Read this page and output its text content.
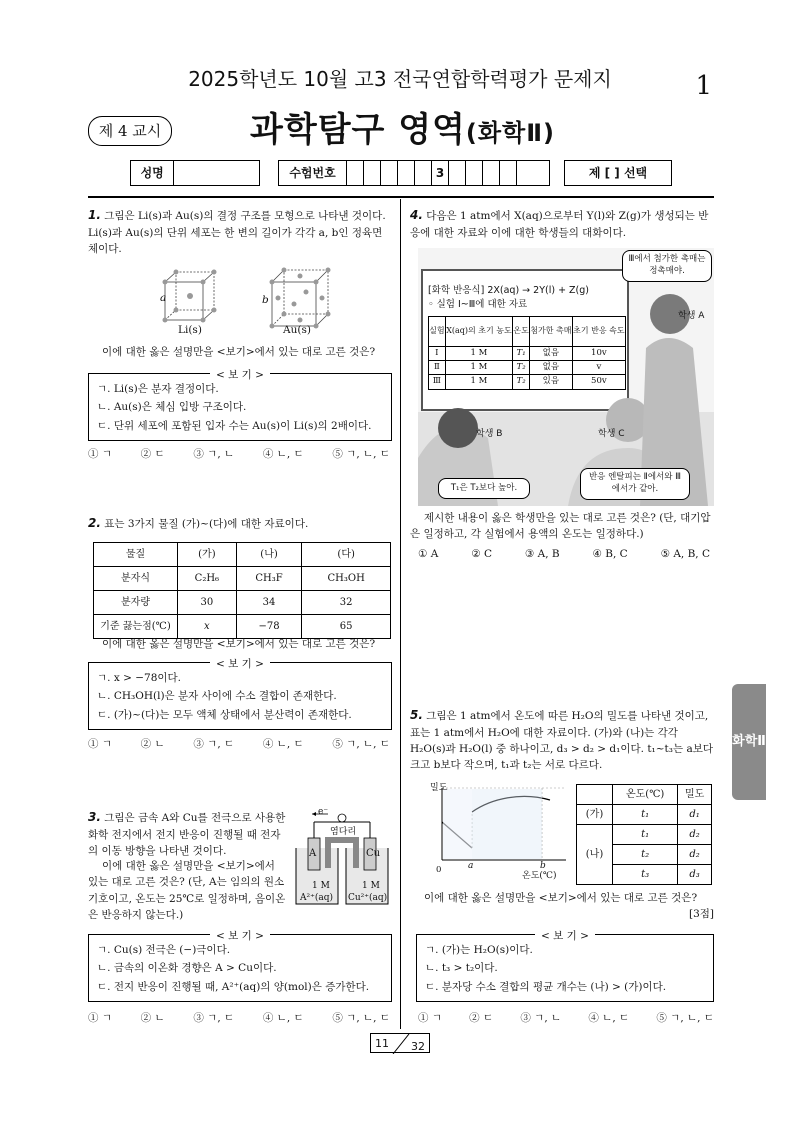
2025학년도 10월 고3 전국연합학력평가 문제지	1
제 4 교시	과학탐구 영역(화학Ⅱ)
성명	수험번호	3	제 [ ] 선택
1. 그림은 Li(s)과 Au(s)의 결정 구조를 모형으로 나타낸 것이다. Li(s)과 Au(s)의 단위 세포는 한 변의 길이가 각각 a, b인 정육면체이다.
a	b
Li(s)	Au(s)
이에 대한 옳은 설명만을 <보기>에서 있는 대로 고른 것은?
< 보 기 >
ㄱ. Li(s)은 분자 결정이다.
ㄴ. Au(s)은 체심 입방 구조이다.
ㄷ. 단위 세포에 포함된 입자 수는 Au(s)이 Li(s)의 2배이다.
① ㄱ	② ㄷ	③ ㄱ, ㄴ	④ ㄴ, ㄷ	⑤ ㄱ, ㄴ, ㄷ
2. 표는 3가지 물질 (가)~(다)에 대한 자료이다.
물질	(가)	(나)	(다)
분자식	C₂H₆	CH₃F	CH₃OH
분자량	30	34	32
기준 끓는점(℃)	x	−78	65
이에 대한 옳은 설명만을 <보기>에서 있는 대로 고른 것은?
< 보 기 >
ㄱ. x > −78이다.
ㄴ. CH₃OH(l)은 분자 사이에 수소 결합이 존재한다.
ㄷ. (가)~(다)는 모두 액체 상태에서 분산력이 존재한다.
① ㄱ	② ㄴ	③ ㄱ, ㄷ	④ ㄴ, ㄷ	⑤ ㄱ, ㄴ, ㄷ
3. 그림은 금속 A와 Cu를 전극으로 사용한 화학 전지에서 전지 반응이 진행될 때 전자의 이동 방향을 나타낸 것이다.
이에 대한 옳은 설명만을 <보기>에서 있는 대로 고른 것은? (단, A는 임의의 원소 기호이고, 온도는 25℃로 일정하며, 음이온은 반응하지 않는다.)
e⁻
염다리
A	Cu
1 M
A²⁺(aq)
1 M
Cu²⁺(aq)
< 보 기 >
ㄱ. Cu(s) 전극은 (−)극이다.
ㄴ. 금속의 이온화 경향은 A > Cu이다.
ㄷ. 전지 반응이 진행될 때, A²⁺(aq)의 양(mol)은 증가한다.
① ㄱ	② ㄴ	③ ㄱ, ㄷ	④ ㄴ, ㄷ	⑤ ㄱ, ㄴ, ㄷ
4. 다음은 1 atm에서 X(aq)으로부터 Y(l)와 Z(g)가 생성되는 반응에 대한 자료와 이에 대한 학생들의 대화이다.
[화학 반응식] 2X(aq) → 2Y(l) + Z(g)
◦ 실험 Ⅰ~Ⅲ에 대한 자료
실험	X(aq)의 초기 농도	온도	첨가한 촉매	초기 반응 속도
Ⅰ	1 M	T₁	없음	10v
Ⅱ	1 M	T₂	없음	v
Ⅲ	1 M	T₂	있음	50v
Ⅲ에서 첨가한 촉매는 정촉매야.
학생 A
학생 B	학생 C
T₁은 T₂보다 높아.
반응 엔탈피는 Ⅱ에서와 Ⅲ에서가 같아.
제시한 내용이 옳은 학생만을 있는 대로 고른 것은? (단, 대기압은 일정하고, 각 실험에서 용액의 온도는 일정하다.)
① A	② C	③ A, B	④ B, C	⑤ A, B, C
5. 그림은 1 atm에서 온도에 따른 H₂O의 밀도를 나타낸 것이고, 표는 1 atm에서 H₂O에 대한 자료이다. (가)와 (나)는 각각 H₂O(s)과 H₂O(l) 중 하나이고, d₃ > d₂ > d₁이다. t₁~t₃는 a보다 크고 b보다 작으며, t₁과 t₂는 서로 다르다.
밀도
0	a	b
온도(℃)
	온도(℃)	밀도
(가)	t₁	d₁
(나)	t₁	d₂
	t₂	d₂
	t₃	d₃
이에 대한 옳은 설명만을 <보기>에서 있는 대로 고른 것은?
[3점]
< 보 기 >
ㄱ. (가)는 H₂O(s)이다.
ㄴ. t₃ > t₂이다.
ㄷ. 분자당 수소 결합의 평균 개수는 (나) > (가)이다.
① ㄱ	② ㄷ	③ ㄱ, ㄴ	④ ㄴ, ㄷ	⑤ ㄱ, ㄴ, ㄷ
화학Ⅱ
11 32
